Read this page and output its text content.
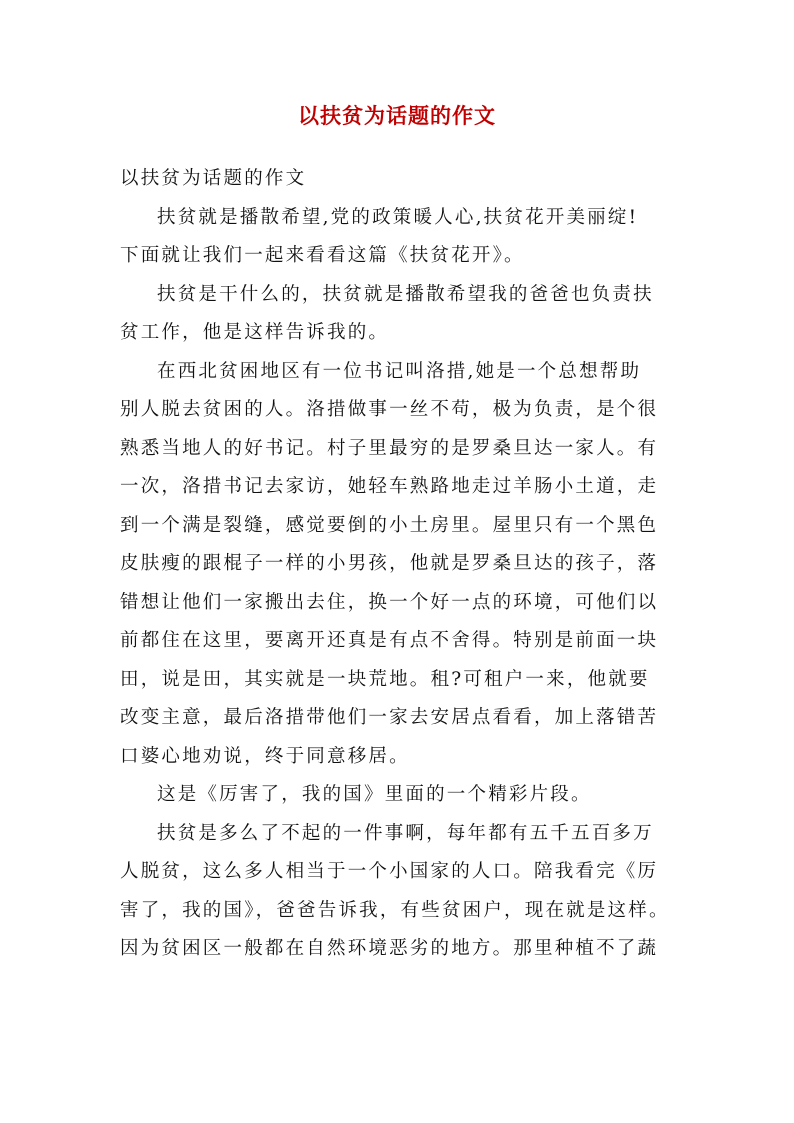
以扶贫为话题的作文

以扶贫为话题的作文

扶贫就是播散希望,党的政策暖人心,扶贫花开美丽绽!
下面就让我们一起来看看这篇《扶贫花开》。

扶贫是干什么的，扶贫就是播散希望我的爸爸也负责扶
贫工作，他是这样告诉我的。

在西北贫困地区有一位书记叫洛措,她是一个总想帮助
别人脱去贫困的人。洛措做事一丝不苟，极为负责，是个很
熟悉当地人的好书记。村子里最穷的是罗桑旦达一家人。有
一次，洛措书记去家访，她轻车熟路地走过羊肠小土道，走
到一个满是裂缝，感觉要倒的小土房里。屋里只有一个黑色
皮肤瘦的跟棍子一样的小男孩，他就是罗桑旦达的孩子，落
错想让他们一家搬出去住，换一个好一点的环境，可他们以
前都住在这里，要离开还真是有点不舍得。特别是前面一块
田，说是田，其实就是一块荒地。租?可租户一来，他就要
改变主意，最后洛措带他们一家去安居点看看，加上落错苦
口婆心地劝说，终于同意移居。

这是《厉害了，我的国》里面的一个精彩片段。

扶贫是多么了不起的一件事啊，每年都有五千五百多万
人脱贫，这么多人相当于一个小国家的人口。陪我看完《厉
害了，我的国》，爸爸告诉我，有些贫困户，现在就是这样。
因为贫困区一般都在自然环境恶劣的地方。那里种植不了蔬
